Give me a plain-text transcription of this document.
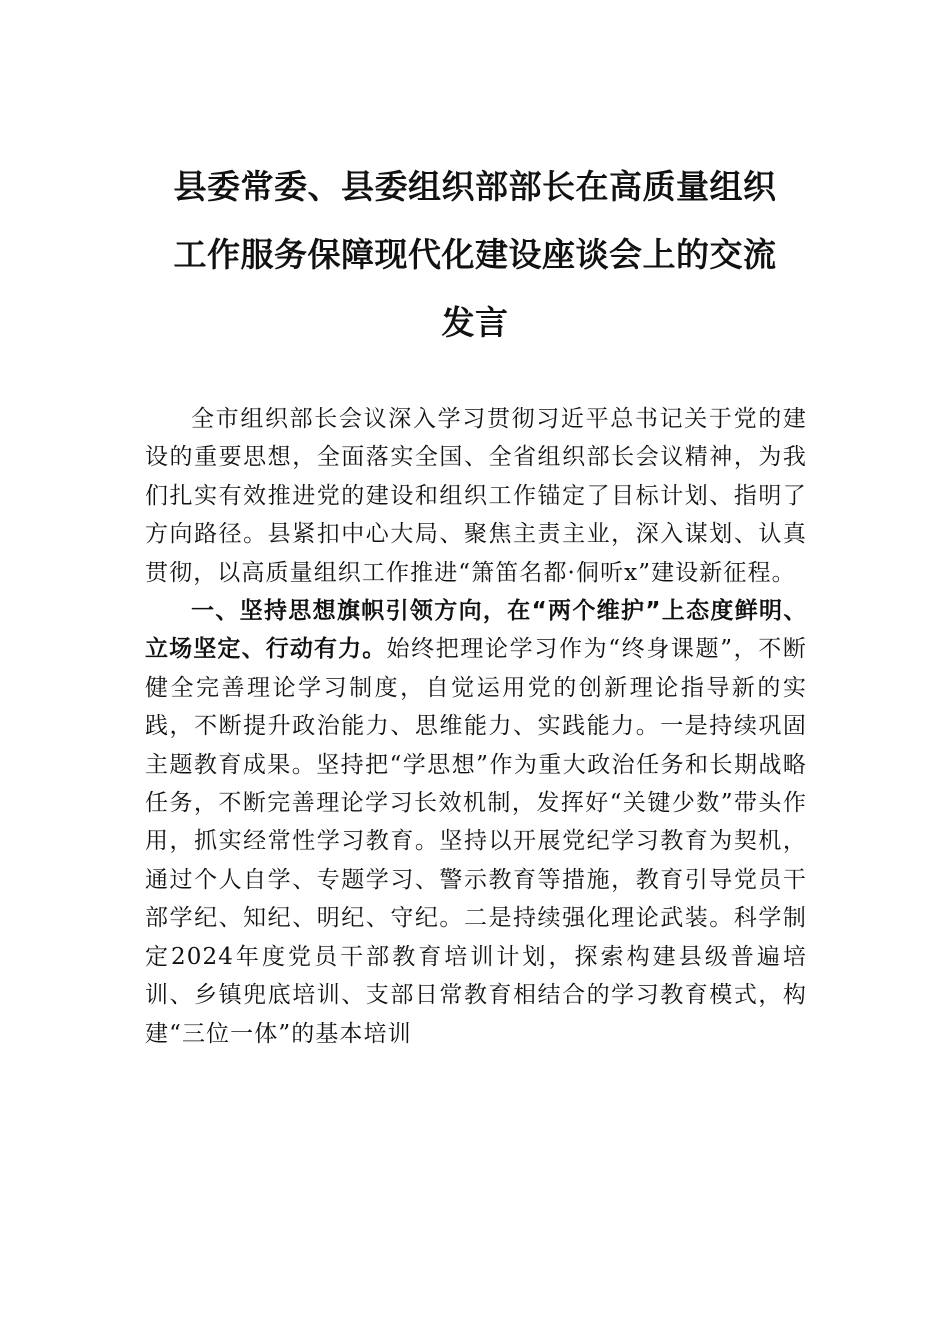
县委常委、县委组织部部长在高质量组织
工作服务保障现代化建设座谈会上的交流
发言

全市组织部长会议深入学习贯彻习近平总书记关于党的建设的重要思想，全面落实全国、全省组织部长会议精神，为我们扎实有效推进党的建设和组织工作锚定了目标计划、指明了方向路径。县紧扣中心大局、聚焦主责主业，深入谋划、认真贯彻，以高质量组织工作推进“箫笛名都·侗听x”建设新征程。

一、坚持思想旗帜引领方向，在“两个维护”上态度鲜明、立场坚定、行动有力。始终把理论学习作为“终身课题”，不断健全完善理论学习制度，自觉运用党的创新理论指导新的实践，不断提升政治能力、思维能力、实践能力。一是持续巩固主题教育成果。坚持把“学思想”作为重大政治任务和长期战略任务，不断完善理论学习长效机制，发挥好“关键少数”带头作用，抓实经常性学习教育。坚持以开展党纪学习教育为契机，通过个人自学、专题学习、警示教育等措施，教育引导党员干部学纪、知纪、明纪、守纪。二是持续强化理论武装。科学制定2024年度党员干部教育培训计划，探索构建县级普遍培训、乡镇兜底培训、支部日常教育相结合的学习教育模式，构建“三位一体”的基本培训
